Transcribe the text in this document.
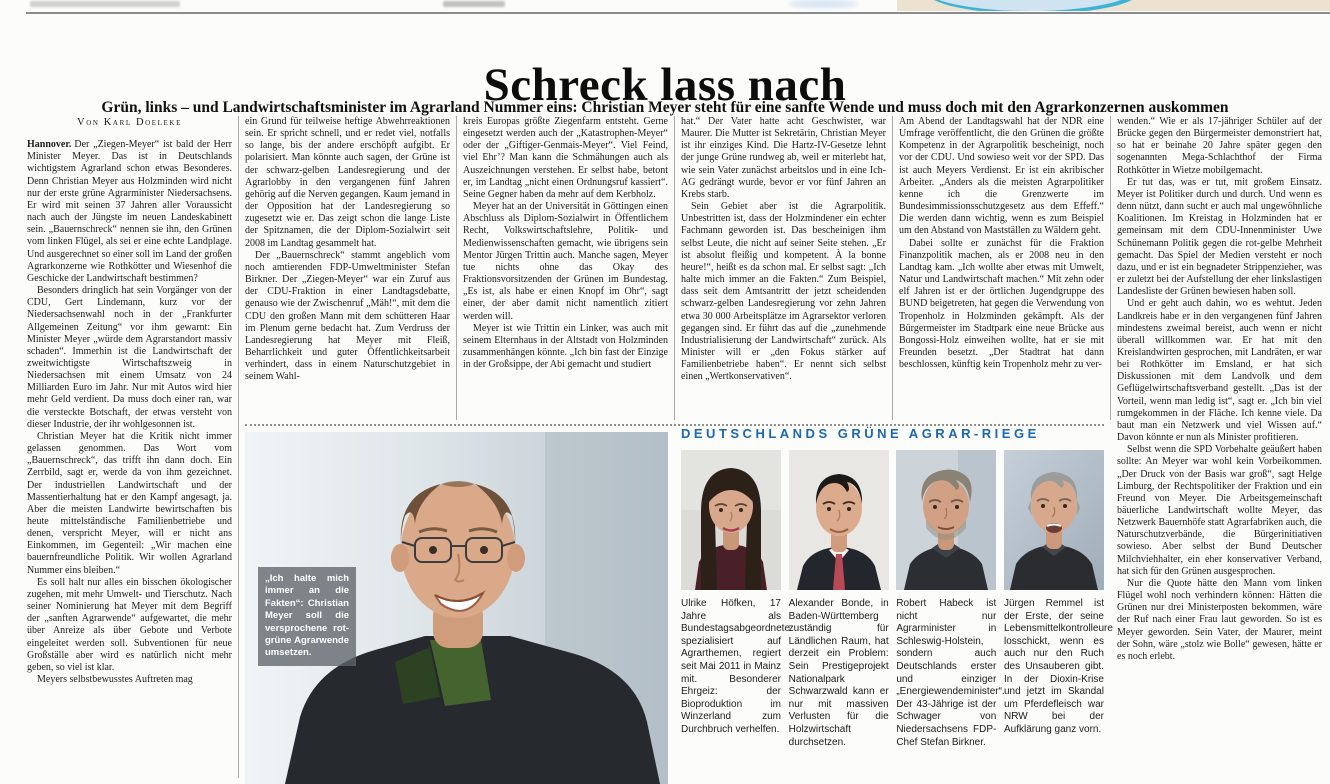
Schreck lass nach
Grün, links – und Landwirtschaftsminister im Agrarland Nummer eins: Christian Meyer steht für eine sanfte Wende und muss doch mit den Agrarkonzernen auskommen
Von Karl Doeleke

Hannover. Der „Ziegen-Meyer“ ist bald der Herr Minister Meyer. Das ist in Deutschlands wichtigstem Agrarland schon etwas Besonderes. Denn Christian Meyer aus Holzminden wird nicht nur der erste grüne Agrarminister Niedersachsens. Er wird mit seinen 37 Jahren aller Voraussicht nach auch der Jüngste im neuen Landeskabinett sein. „Bauernschreck“ nennen sie ihn, den Grünen vom linken Flügel, als sei er eine echte Landplage. Und ausgerechnet so einer soll im Land der großen Agrarkonzerne wie Rothkötter und Wiesenhof die Geschicke der Landwirtschaft bestimmen?

Besonders dringlich hat sein Vorgänger von der CDU, Gert Lindemann, kurz vor der Niedersachsenwahl noch in der „Frankfurter Allgemeinen Zeitung“ vor ihm gewarnt: Ein Minister Meyer „würde dem Agrarstandort massiv schaden“. Immerhin ist die Landwirtschaft der zweitwichtigste Wirtschaftszweig in Niedersachsen mit einem Umsatz von 24 Milliarden Euro im Jahr. Nur mit Autos wird hier mehr Geld verdient. Da muss doch einer ran, war die versteckte Botschaft, der etwas versteht von dieser Industrie, der ihr wohlgesonnen ist.

Christian Meyer hat die Kritik nicht immer gelassen genommen. Das Wort vom „Bauernschreck“, das trifft ihn dann doch. Ein Zerrbild, sagt er, werde da von ihm gezeichnet. Der industriellen Landwirtschaft und der Massentierhaltung hat er den Kampf angesagt, ja. Aber die meisten Landwirte bewirtschaften bis heute mittelständische Familienbetriebe und denen, verspricht Meyer, will er nicht ans Einkommen, im Gegenteil: „Wir machen eine bauernfreundliche Politik. Wir wollen Agrarland Nummer eins bleiben.“

Es soll halt nur alles ein bisschen ökologischer zugehen, mit mehr Umwelt- und Tierschutz. Nach seiner Nominierung hat Meyer mit dem Begriff der „sanften Agrarwende“ aufgewartet, die mehr über Anreize als über Gebote und Verbote eingeleitet werden soll. Subventionen für neue Großställe aber wird es natürlich nicht mehr geben, so viel ist klar.

Meyers selbstbewusstes Auftreten mag

ein Grund für teilweise heftige Abwehrreaktionen sein. Er spricht schnell, und er redet viel, notfalls so lange, bis der andere erschöpft aufgibt. Er polarisiert. Man könnte auch sagen, der Grüne ist der schwarz-gelben Landesregierung und der Agrarlobby in den vergangenen fünf Jahren gehörig auf die Nerven gegangen. Kaum jemand in der Opposition hat der Landesregierung so zugesetzt wie er. Das zeigt schon die lange Liste der Spitznamen, die der Diplom-Sozialwirt seit 2008 im Landtag gesammelt hat.

Der „Bauernschreck“ stammt angeblich vom noch amtierenden FDP-Umweltminister Stefan Birkner. Der „Ziegen-Meyer“ war ein Zuruf aus der CDU-Fraktion in einer Landtagsdebatte, genauso wie der Zwischenruf „Mäh!“, mit dem die CDU den großen Mann mit dem schütteren Haar im Plenum gerne bedacht hat. Zum Verdruss der Landesregierung hat Meyer mit Fleiß, Beharrlichkeit und guter Öffentlichkeitsarbeit verhindert, dass in einem Naturschutzgebiet in seinem Wahl-

kreis Europas größte Ziegenfarm entsteht. Gerne eingesetzt werden auch der „Katastrophen-Meyer“ oder der „Giftiger-Genmais-Meyer“. Viel Feind, viel Ehr’? Man kann die Schmähungen auch als Auszeichnungen verstehen. Er selbst habe, betont er, im Landtag „nicht einen Ordnungsruf kassiert“. Seine Gegner haben da mehr auf dem Kerbholz.

Meyer hat an der Universität in Göttingen einen Abschluss als Diplom-Sozialwirt in Öffentlichem Recht, Volkswirtschaftslehre, Politik- und Medienwissenschaften gemacht, wie übrigens sein Mentor Jürgen Trittin auch. Manche sagen, Meyer tue nichts ohne das Okay des Fraktionsvorsitzenden der Grünen im Bundestag. „Es ist, als habe er einen Knopf im Ohr“, sagt einer, der aber damit nicht namentlich zitiert werden will.

Meyer ist wie Trittin ein Linker, was auch mit seinem Elternhaus in der Altstadt von Holzminden zusammenhängen könnte. „Ich bin fast der Einzige in der Großsippe, der Abi gemacht und studiert

hat.“ Der Vater hatte acht Geschwister, war Maurer. Die Mutter ist Sekretärin, Christian Meyer ist ihr einziges Kind. Die Hartz-IV-Gesetze lehnt der junge Grüne rundweg ab, weil er miterlebt hat, wie sein Vater zunächst arbeitslos und in eine Ich-AG gedrängt wurde, bevor er vor fünf Jahren an Krebs starb.

Sein Gebiet aber ist die Agrarpolitik. Unbestritten ist, dass der Holzmindener ein echter Fachmann geworden ist. Das bescheinigen ihm selbst Leute, die nicht auf seiner Seite stehen. „Er ist absolut fleißig und kompetent. À la bonne heure!“, heißt es da schon mal. Er selbst sagt: „Ich halte mich immer an die Fakten.“ Zum Beispiel, dass seit dem Amtsantritt der jetzt scheidenden schwarz-gelben Landesregierung vor zehn Jahren etwa 30 000 Arbeitsplätze im Agrarsektor verloren gegangen sind. Er führt das auf die „zunehmende Industrialisierung der Landwirtschaft“ zurück. Als Minister will er „den Fokus stärker auf Familienbetriebe haben“. Er nennt sich selbst einen „Wertkonservativen“.

Am Abend der Landtagswahl hat der NDR eine Umfrage veröffentlicht, die den Grünen die größte Kompetenz in der Agrarpolitik bescheinigt, noch vor der CDU. Und sowieso weit vor der SPD. Das ist auch Meyers Verdienst. Er ist ein akribischer Arbeiter. „Anders als die meisten Agrarpolitiker kenne ich die Grenzwerte im Bundesimmissionsschutzgesetz aus dem Effeff.“ Die werden dann wichtig, wenn es zum Beispiel um den Abstand von Mastställen zu Wäldern geht.

Dabei sollte er zunächst für die Fraktion Finanzpolitik machen, als er 2008 neu in den Landtag kam. „Ich wollte aber etwas mit Umwelt, Natur und Landwirtschaft machen.“ Mit zehn oder elf Jahren ist er der örtlichen Jugendgruppe des BUND beigetreten, hat gegen die Verwendung von Tropenholz in Holzminden gekämpft. Als der Bürgermeister im Stadtpark eine neue Brücke aus Bongossi-Holz einweihen wollte, hat er sie mit Freunden besetzt. „Der Stadtrat hat dann beschlossen, künftig kein Tropenholz mehr zu ver-

wenden.“ Wie er als 17-jähriger Schüler auf der Brücke gegen den Bürgermeister demonstriert hat, so hat er beinahe 20 Jahre später gegen den sogenannten Mega-Schlachthof der Firma Rothkötter in Wietze mobilgemacht.

Er tut das, was er tut, mit großem Einsatz. Meyer ist Politiker durch und durch. Und wenn es denn nützt, dann sucht er auch mal ungewöhnliche Koalitionen. Im Kreistag in Holzminden hat er gemeinsam mit dem CDU-Innenminister Uwe Schünemann Politik gegen die rot-gelbe Mehrheit gemacht. Das Spiel der Medien versteht er noch dazu, und er ist ein begnadeter Strippenzieher, was er zuletzt bei der Aufstellung der eher linkslastigen Landesliste der Grünen bewiesen haben soll.

Und er geht auch dahin, wo es wehtut. Jeden Landkreis habe er in den vergangenen fünf Jahren mindestens zweimal bereist, auch wenn er nicht überall willkommen war. Er hat mit den Kreislandwirten gesprochen, mit Landräten, er war bei Rothkötter im Emsland, er hat sich Diskussionen mit dem Landvolk und dem Geflügelwirtschaftsverband gestellt. „Das ist der Vorteil, wenn man ledig ist“, sagt er. „Ich bin viel rumgekommen in der Fläche. Ich kenne viele. Da baut man ein Netzwerk und viel Wissen auf.“ Davon könnte er nun als Minister profitieren.

Selbst wenn die SPD Vorbehalte geäußert haben sollte: An Meyer war wohl kein Vorbeikommen. „Der Druck von der Basis war groß“, sagt Helge Limburg, der Rechtspolitiker der Fraktion und ein Freund von Meyer. Die Arbeitsgemeinschaft bäuerliche Landwirtschaft wollte Meyer, das Netzwerk Bauernhöfe statt Agrarfabriken auch, die Naturschutzverbände, die Bürgerinitiativen sowieso. Aber selbst der Bund Deutscher Milchviehhalter, ein eher konservativer Verband, hat sich für den Grünen ausgesprochen.

Nur die Quote hätte den Mann vom linken Flügel wohl noch verhindern können: Hätten die Grünen nur drei Ministerposten bekommen, wäre der Ruf nach einer Frau laut geworden. So ist es Meyer geworden. Sein Vater, der Maurer, meint der Sohn, wäre „stolz wie Bolle“ gewesen, hätte er es noch erlebt.

„Ich halte mich immer an die Fakten“: Christian Meyer soll die versprochene rot-grüne Agrarwende umsetzen.
DEUTSCHLANDS GRÜNE AGRAR-RIEGE

Ulrike Höfken, 17 Jahre als Bundestagsabgeordnete spezialisiert auf Agrarthemen, regiert seit Mai 2011 in Mainz mit. Besonderer Ehrgeiz: der Bioproduktion im Winzerland zum Durchbruch verhelfen.

Alexander Bonde, in Baden-Württemberg zuständig für Ländlichen Raum, hat derzeit ein Problem: Sein Prestigeprojekt Nationalpark Schwarzwald kann er nur mit massiven Verlusten für die Holzwirtschaft durchsetzen.

Robert Habeck ist nicht nur Agrarminister in Schleswig-Holstein, sondern auch Deutschlands erster und einziger „Energiewendeminister“. Der 43-Jährige ist der Schwager von Niedersachsens FDP-Chef Stefan Birkner.

Jürgen Remmel ist der Erste, der seine Lebensmittelkontrolleure losschickt, wenn es auch nur den Ruch des Unsauberen gibt. In der Dioxin-Krise und jetzt im Skandal um Pferdefleisch war NRW bei der Aufklärung ganz vorn.
